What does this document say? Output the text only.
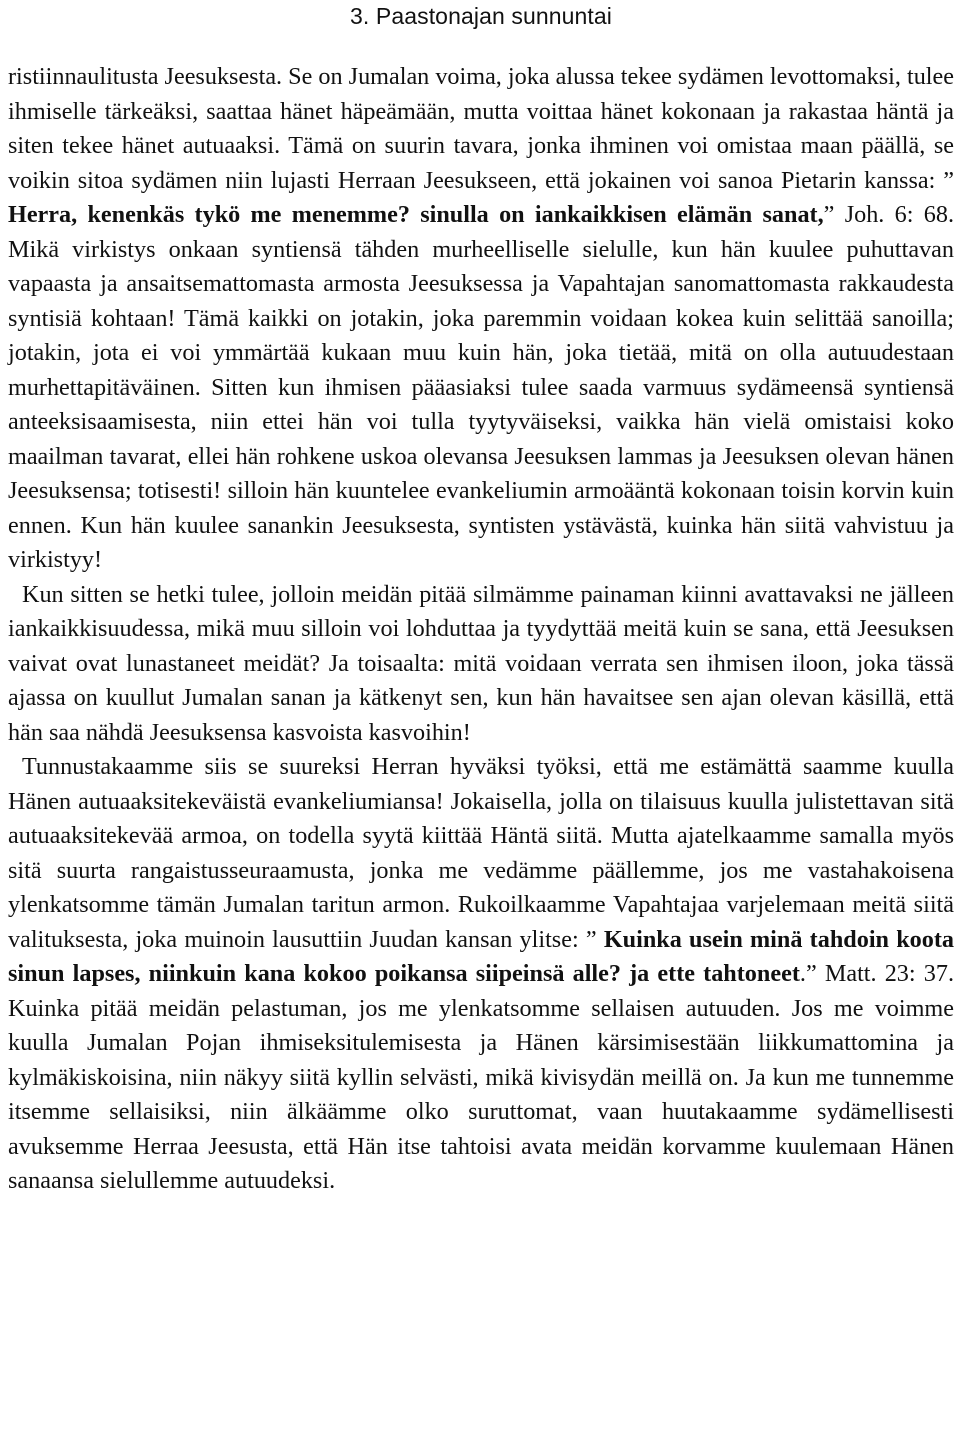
3. Paastonajan sunnuntai

ristiinnaulitusta Jeesuksesta. Se on Jumalan voima, joka alussa tekee sydämen levottomaksi, tulee ihmiselle tärkeäksi, saattaa hänet häpeämään, mutta voittaa hänet kokonaan ja rakastaa häntä ja siten tekee hänet autuaaksi. Tämä on suurin tavara, jonka ihminen voi omistaa maan päällä, se voikin sitoa sydämen niin lujasti Herraan Jeesukseen, että jokainen voi sanoa Pietarin kanssa: ” Herra, kenenkäs tykö me menemme? sinulla on iankaikkisen elämän sanat,” Joh. 6: 68. Mikä virkistys onkaan syntiensä tähden murheelliselle sielulle, kun hän kuulee puhuttavan vapaasta ja ansaitsemattomasta armosta Jeesuksessa ja Vapahtajan sanomattomasta rakkaudesta syntisiä kohtaan! Tämä kaikki on jotakin, joka paremmin voidaan kokea kuin selittää sanoilla; jotakin, jota ei voi ymmärtää kukaan muu kuin hän, joka tietää, mitä on olla autuudestaan murhettapitäväinen. Sitten kun ihmisen pääasiaksi tulee saada varmuus sydämeensä syntiensä anteeksisaamisesta, niin ettei hän voi tulla tyytyväiseksi, vaikka hän vielä omistaisi koko maailman tavarat, ellei hän rohkene uskoa olevansa Jeesuksen lammas ja Jeesuksen olevan hänen Jeesuksensa; totisesti! silloin hän kuuntelee evankeliumin armoääntä kokonaan toisin korvin kuin ennen. Kun hän kuulee sanankin Jeesuksesta, syntisten ystävästä, kuinka hän siitä vahvistuu ja virkistyy!

Kun sitten se hetki tulee, jolloin meidän pitää silmämme painaman kiinni avattavaksi ne jälleen iankaikkisuudessa, mikä muu silloin voi lohduttaa ja tyydyttää meitä kuin se sana, että Jeesuksen vaivat ovat lunastaneet meidät? Ja toisaalta: mitä voidaan verrata sen ihmisen iloon, joka tässä ajassa on kuullut Jumalan sanan ja kätkenyt sen, kun hän havaitsee sen ajan olevan käsillä, että hän saa nähdä Jeesuksensa kasvoista kasvoihin!

Tunnustakaamme siis se suureksi Herran hyväksi työksi, että me estämättä saamme kuulla Hänen autuaaksitekeväistä evankeliumiansa! Jokaisella, jolla on tilaisuus kuulla julistettavan sitä autuaaksitekevää armoa, on todella syytä kiittää Häntä siitä. Mutta ajatelkaamme samalla myös sitä suurta rangaistusseuraamusta, jonka me vedämme päällemme, jos me vastahakoisena ylenkatsomme tämän Jumalan taritun armon. Rukoilkaamme Vapahtajaa varjelemaan meitä siitä valituksesta, joka muinoin lausuttiin Juudan kansan ylitse: ” Kuinka usein minä tahdoin koota sinun lapses, niinkuin kana kokoo poikansa siipeinsä alle? ja ette tahtoneet.” Matt. 23: 37. Kuinka pitää meidän pelastuman, jos me ylenkatsomme sellaisen autuuden. Jos me voimme kuulla Jumalan Pojan ihmiseksitulemisesta ja Hänen kärsimisestään liikkumattomina ja kylmäkiskoisina, niin näkyy siitä kyllin selvästi, mikä kivisydän meillä on. Ja kun me tunnemme itsemme sellaisiksi, niin älkäämme olko suruttomat, vaan huutakaamme sydämellisesti avuksemme Herraa Jeesusta, että Hän itse tahtoisi avata meidän korvamme kuulemaan Hänen sanaansa sielullemme autuudeksi.
